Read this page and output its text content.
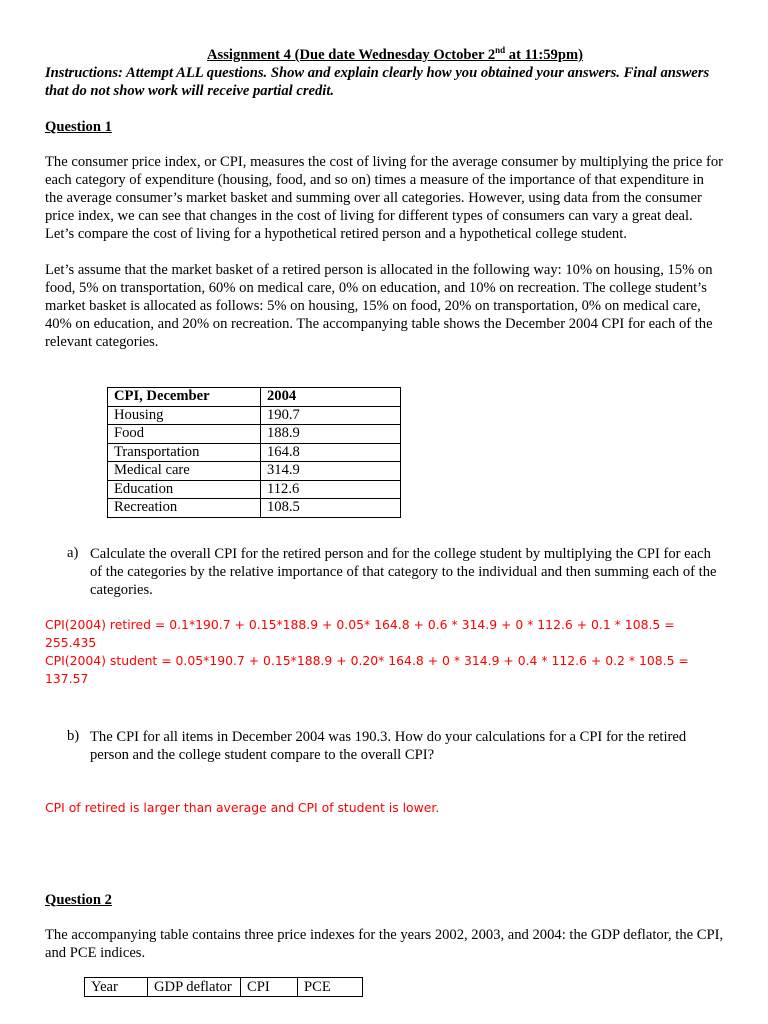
Assignment 4 (Due date Wednesday October 2nd at 11:59pm)

Instructions: Attempt ALL questions. Show and explain clearly how you obtained your answers. Final answers that do not show work will receive partial credit.

Question 1

The consumer price index, or CPI, measures the cost of living for the average consumer by multiplying the price for each category of expenditure (housing, food, and so on) times a measure of the importance of that expenditure in the average consumer’s market basket and summing over all categories. However, using data from the consumer price index, we can see that changes in the cost of living for different types of consumers can vary a great deal. Let’s compare the cost of living for a hypothetical retired person and a hypothetical college student.

Let’s assume that the market basket of a retired person is allocated in the following way: 10% on housing, 15% on food, 5% on transportation, 60% on medical care, 0% on education, and 10% on recreation. The college student’s market basket is allocated as follows: 5% on housing, 15% on food, 20% on transportation, 0% on medical care, 40% on education, and 20% on recreation. The accompanying table shows the December 2004 CPI for each of the relevant categories.

CPI, December	2004
Housing	190.7
Food	188.9
Transportation	164.8
Medical care	314.9
Education	112.6
Recreation	108.5
a) Calculate the overall CPI for the retired person and for the college student by multiplying the CPI for each of the categories by the relative importance of that category to the individual and then summing each of the categories.

CPI(2004) retired = 0.1*190.7 + 0.15*188.9 + 0.05* 164.8 + 0.6 * 314.9 + 0 * 112.6 + 0.1 * 108.5 = 255.435

CPI(2004) student = 0.05*190.7 + 0.15*188.9 + 0.20* 164.8 + 0 * 314.9 + 0.4 * 112.6 + 0.2 * 108.5 = 137.57

b) The CPI for all items in December 2004 was 190.3. How do your calculations for a CPI for the retired person and the college student compare to the overall CPI?

CPI of retired is larger than average and CPI of student is lower.

Question 2

The accompanying table contains three price indexes for the years 2002, 2003, and 2004: the GDP deflator, the CPI, and PCE indices.

Year	GDP deflator	CPI	PCE
